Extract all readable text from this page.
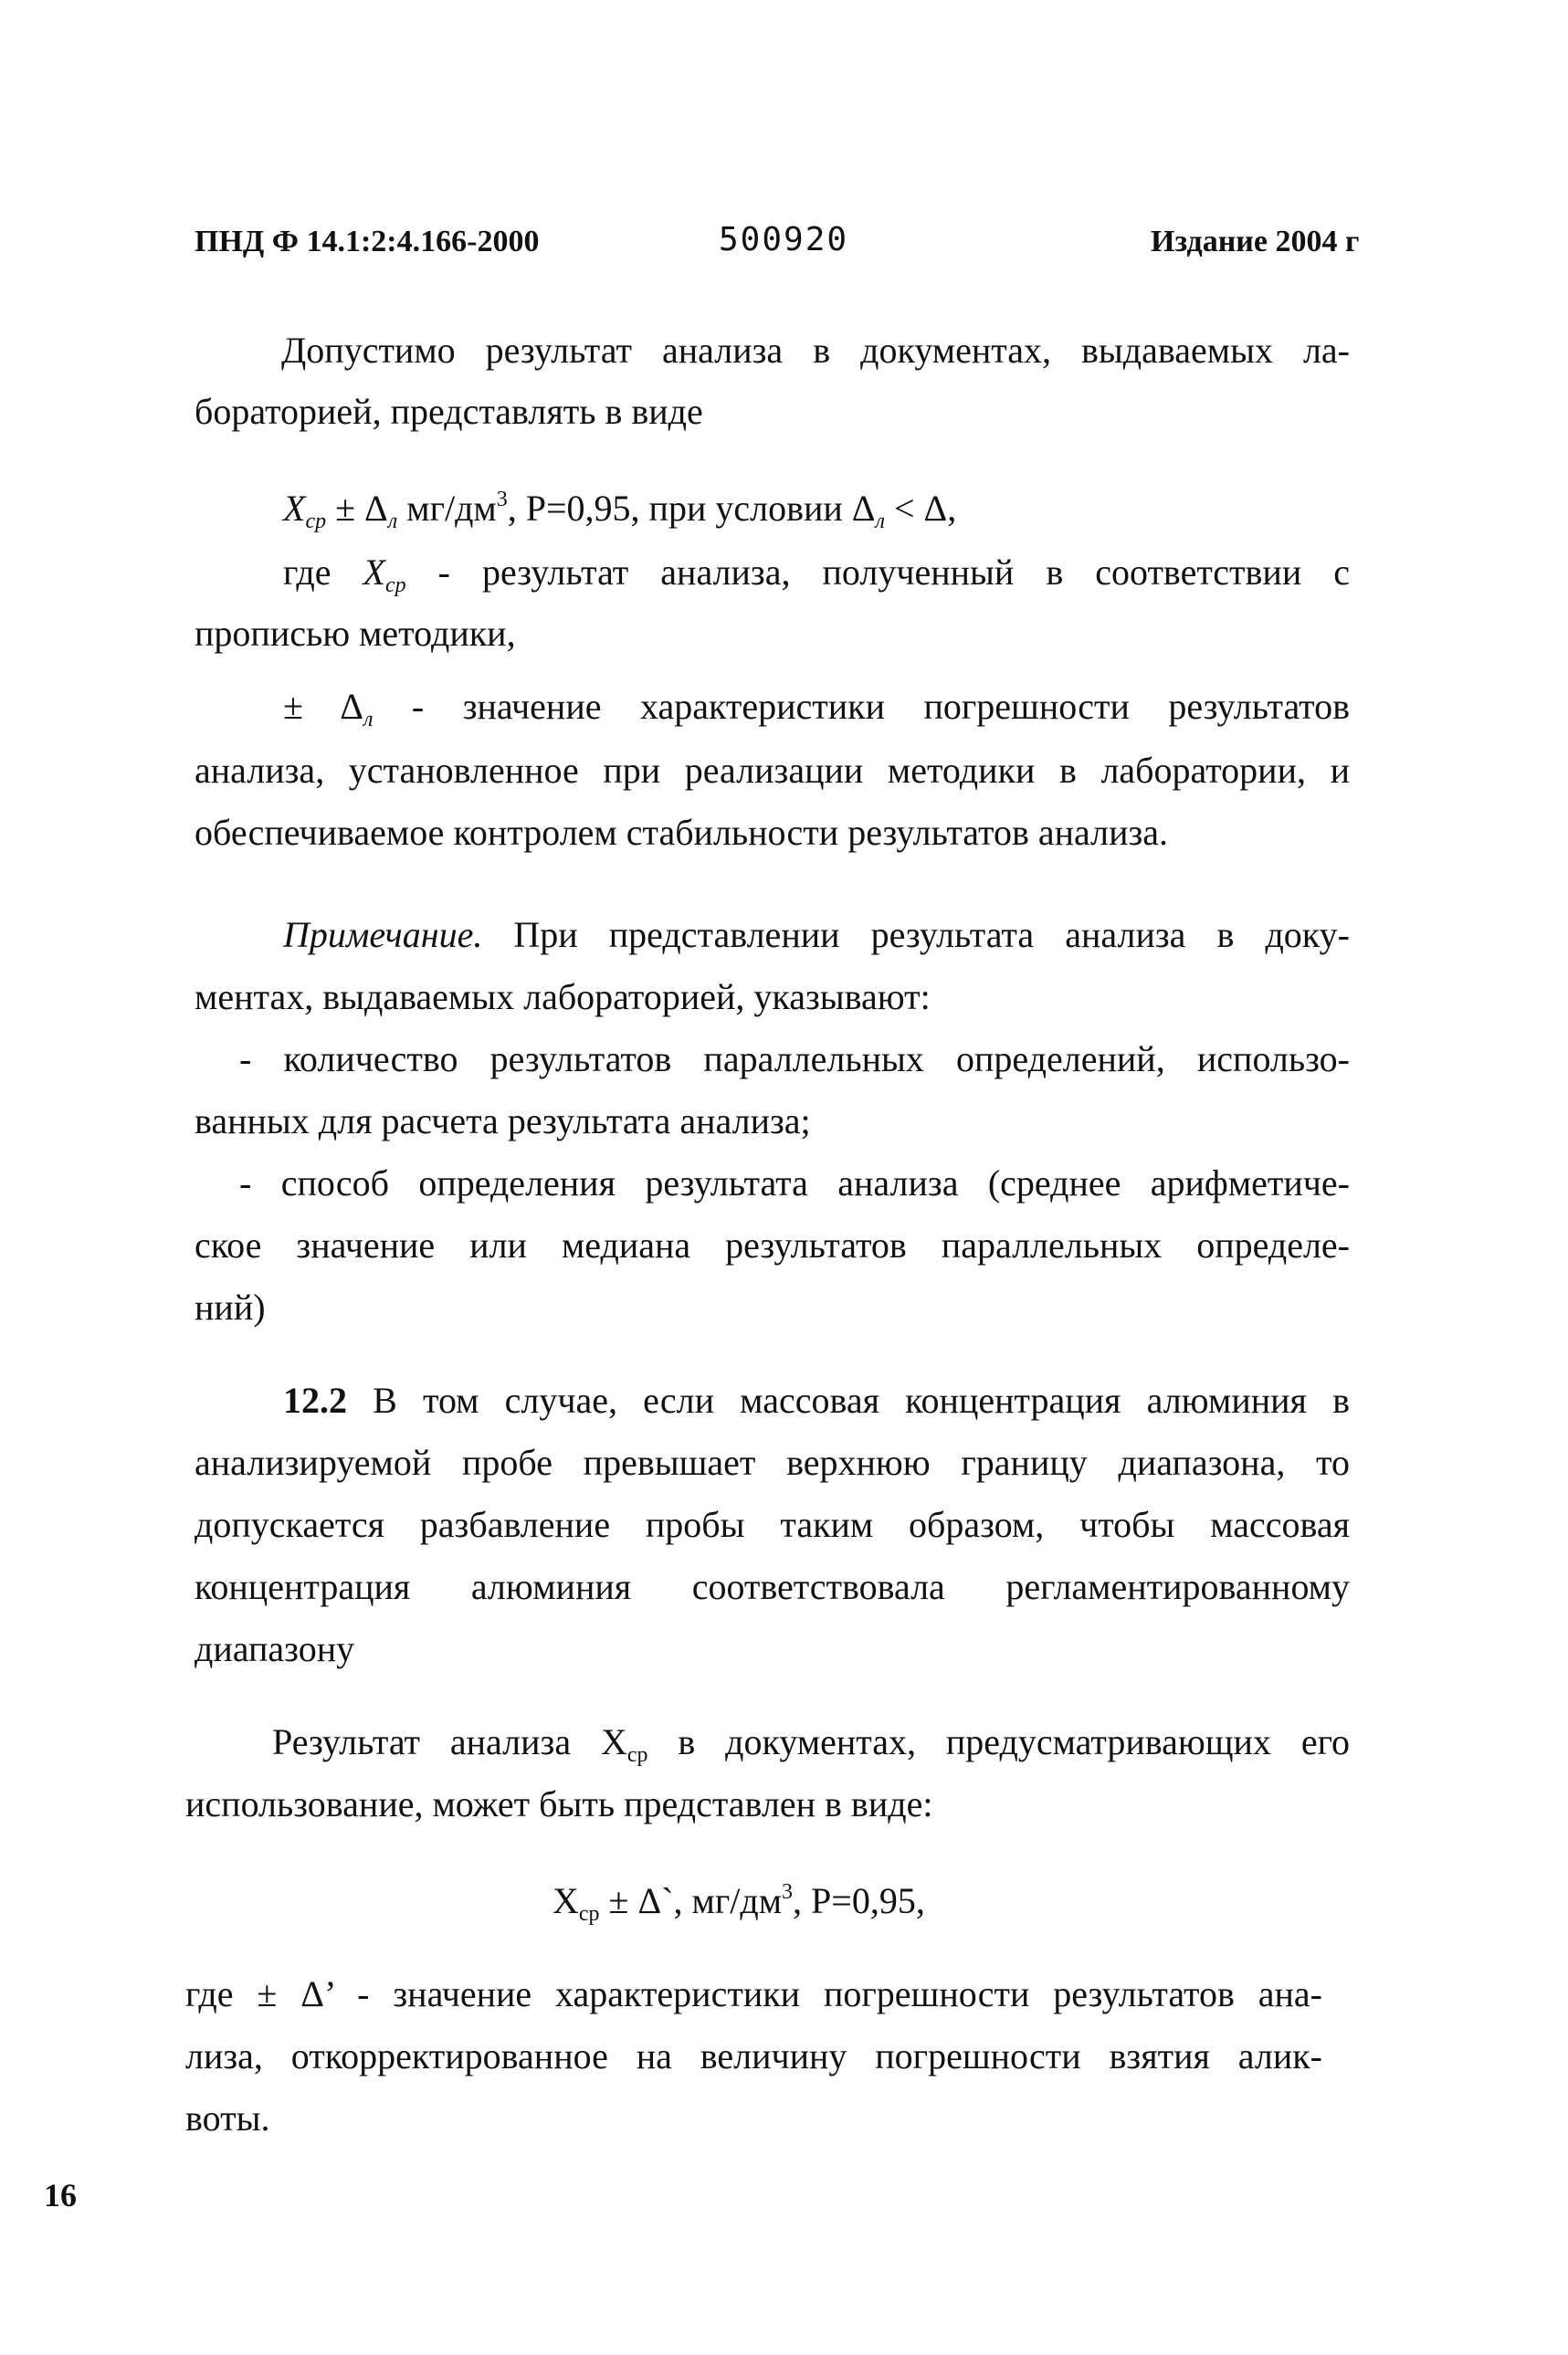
ПНД Ф 14.1:2:4.166-2000	500920	Издание 2004 г
Допустимо результат анализа в документах, выдаваемых ла-
бораторией, представлять в виде
$X_{ср} \pm \Delta_л$ $мг/дм^3$, P=0,95, при условии $\Delta_л < \Delta$,
где $X_{ср}$ - результат анализа, полученный в соответствии с
прописью методики,
± $\Delta_л$ - значение характеристики погрешности результатов
анализа, установленное при реализации методики в лаборатории, и
обеспечиваемое контролем стабильности результатов анализа.
Примечание. При представлении результата анализа в доку-
ментах, выдаваемых лабораторией, указывают:
- количество результатов параллельных определений, использо-
ванных для расчета результата анализа;
- способ определения результата анализа (среднее арифметиче-
ское значение или медиана результатов параллельных определе-
ний)
12.2 В том случае, если массовая концентрация алюминия в
анализируемой пробе превышает верхнюю границу диапазона, то
допускается разбавление пробы таким образом, чтобы массовая
концентрация алюминия соответствовала регламентированному
диапазону
Результат анализа $X_{ср}$ в документах, предусматривающих его
использование, может быть представлен в виде:
$X_{ср}$ ± Δ`, $мг/дм^3$, P=0,95,
где ± Δ’ - значение характеристики погрешности результатов ана-
лиза, откорректированное на величину погрешности взятия алик-
воты.
16
